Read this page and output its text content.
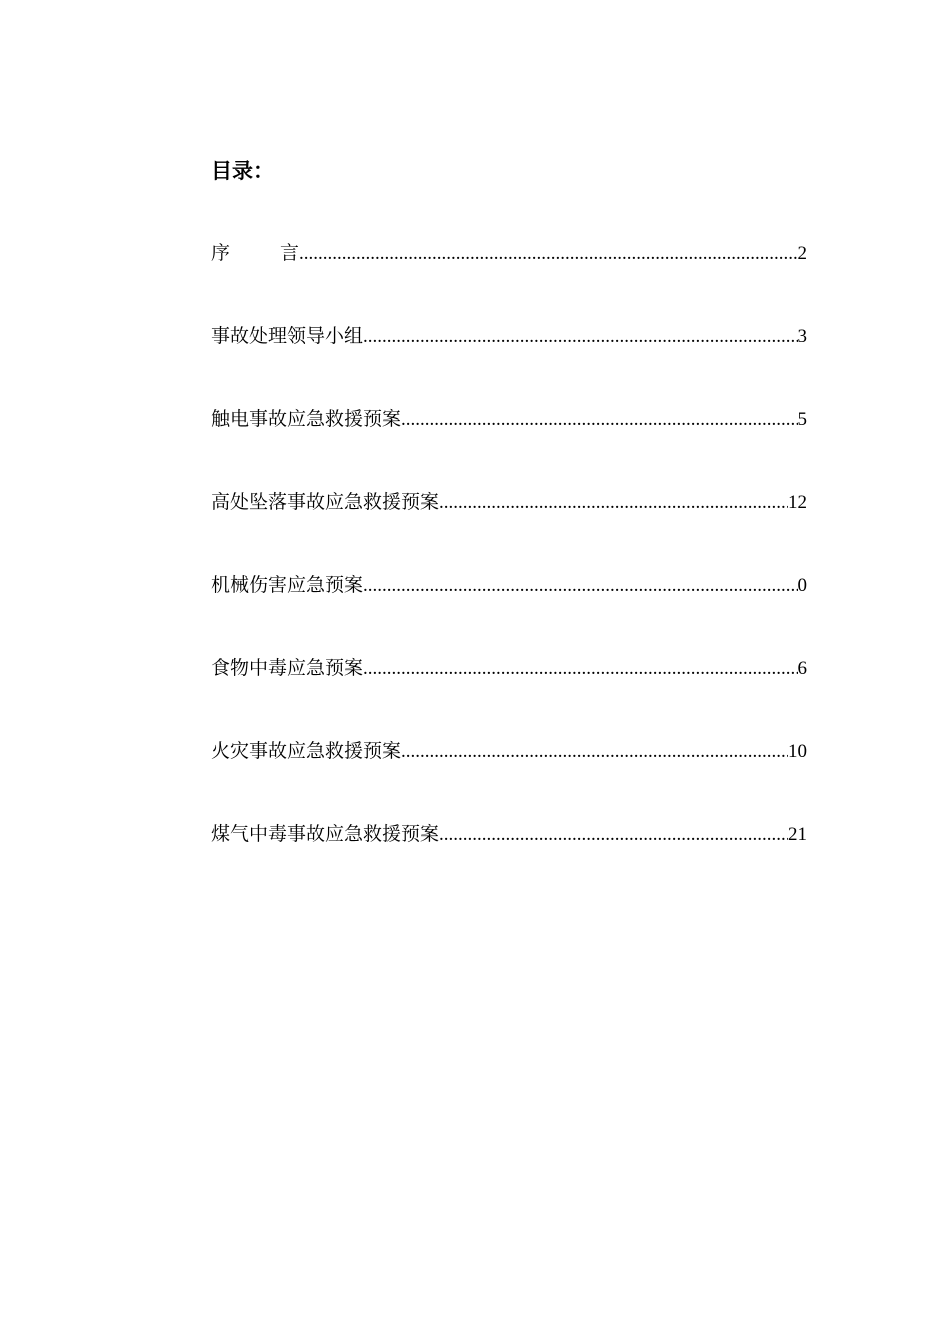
目录：
序	言 .....	2
事故处理领导小组 .....	3
触电事故应急救援预案 .....	5
高处坠落事故应急救援预案 .....	12
机械伤害应急预案 .....	0
食物中毒应急预案 .....	6
火灾事故应急救援预案 .....	10
煤气中毒事故应急救援预案 .....	21
